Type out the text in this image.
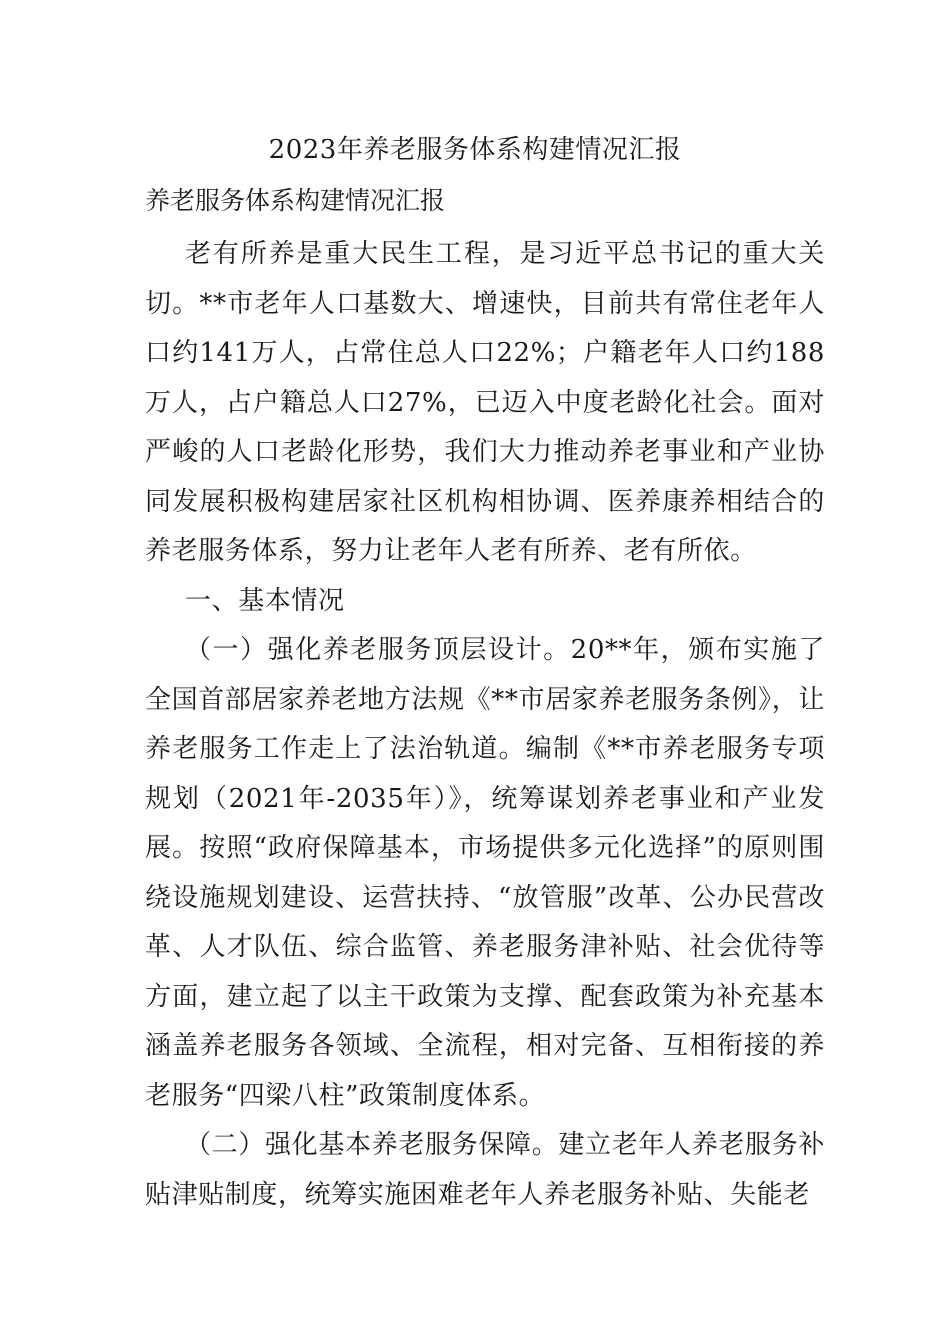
2023年养老服务体系构建情况汇报
养老服务体系构建情况汇报

老有所养是重大民生工程，是习近平总书记的重大关切。**市老年人口基数大、增速快，目前共有常住老年人口约141万人，占常住总人口22%；户籍老年人口约188万人，占户籍总人口27%，已迈入中度老龄化社会。面对严峻的人口老龄化形势，我们大力推动养老事业和产业协同发展积极构建居家社区机构相协调、医养康养相结合的养老服务体系，努力让老年人老有所养、老有所依。

一、基本情况

（一）强化养老服务顶层设计。20**年，颁布实施了全国首部居家养老地方法规《**市居家养老服务条例》，让养老服务工作走上了法治轨道。编制《**市养老服务专项规划（2021年-2035年）》，统筹谋划养老事业和产业发展。按照“政府保障基本，市场提供多元化选择”的原则围绕设施规划建设、运营扶持、“放管服”改革、公办民营改革、人才队伍、综合监管、养老服务津补贴、社会优待等方面，建立起了以主干政策为支撑、配套政策为补充基本涵盖养老服务各领域、全流程，相对完备、互相衔接的养老服务“四梁八柱”政策制度体系。

（二）强化基本养老服务保障。建立老年人养老服务补贴津贴制度，统筹实施困难老年人养老服务补贴、失能老
